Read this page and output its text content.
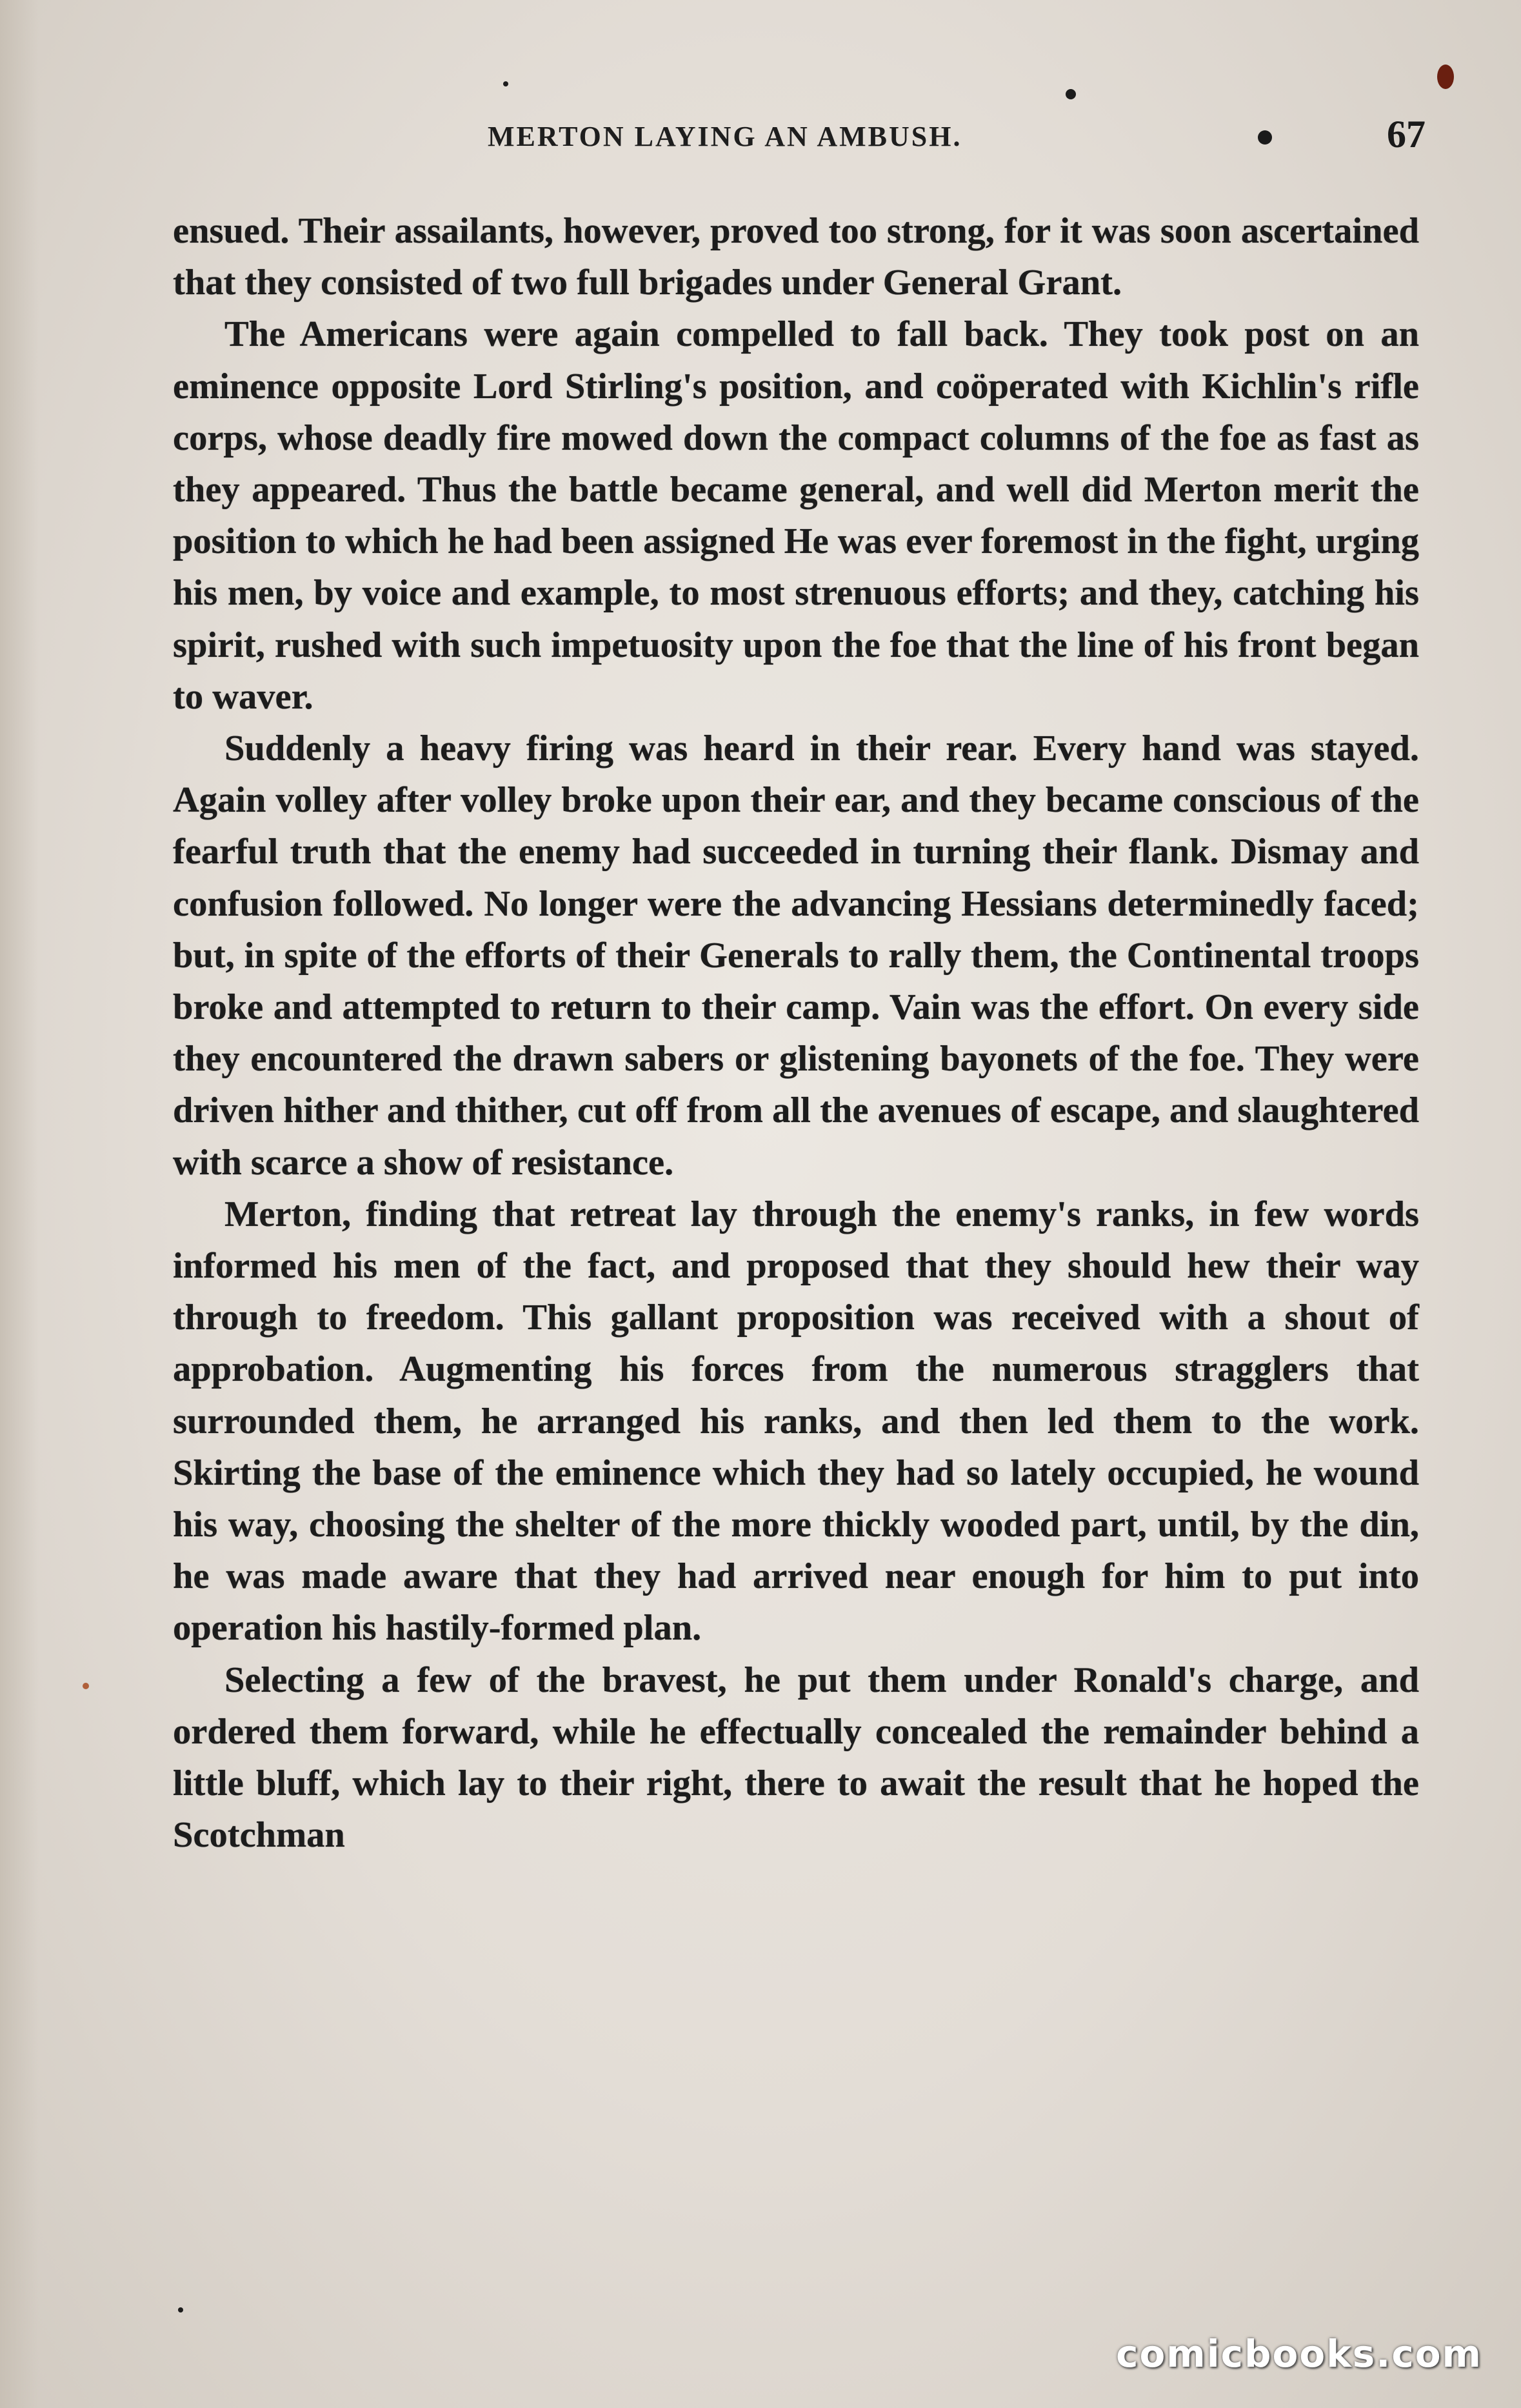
MERTON LAYING AN AMBUSH.	67

ensued. Their assailants, however, proved too strong, for it was soon ascertained that they consisted of two full brigades under General Grant.

The Americans were again compelled to fall back. They took post on an eminence opposite Lord Stirling's position, and coöperated with Kichlin's rifle corps, whose deadly fire mowed down the compact columns of the foe as fast as they appeared. Thus the battle became general, and well did Merton merit the position to which he had been assigned He was ever foremost in the fight, urging his men, by voice and example, to most strenuous efforts; and they, catching his spirit, rushed with such impetuosity upon the foe that the line of his front began to waver.

Suddenly a heavy firing was heard in their rear. Every hand was stayed. Again volley after volley broke upon their ear, and they became conscious of the fearful truth that the enemy had succeeded in turning their flank. Dismay and confusion followed. No longer were the advancing Hessians determinedly faced; but, in spite of the efforts of their Generals to rally them, the Continental troops broke and attempted to return to their camp. Vain was the effort. On every side they encountered the drawn sabers or glistening bayonets of the foe. They were driven hither and thither, cut off from all the avenues of escape, and slaughtered with scarce a show of resistance.

Merton, finding that retreat lay through the enemy's ranks, in few words informed his men of the fact, and proposed that they should hew their way through to freedom. This gallant proposition was received with a shout of approbation. Augmenting his forces from the numerous stragglers that surrounded them, he arranged his ranks, and then led them to the work. Skirting the base of the eminence which they had so lately occupied, he wound his way, choosing the shelter of the more thickly wooded part, until, by the din, he was made aware that they had arrived near enough for him to put into operation his hastily-formed plan.

Selecting a few of the bravest, he put them under Ronald's charge, and ordered them forward, while he effectually concealed the remainder behind a little bluff, which lay to their right, there to await the result that he hoped the Scotchman

comicbooks.com
